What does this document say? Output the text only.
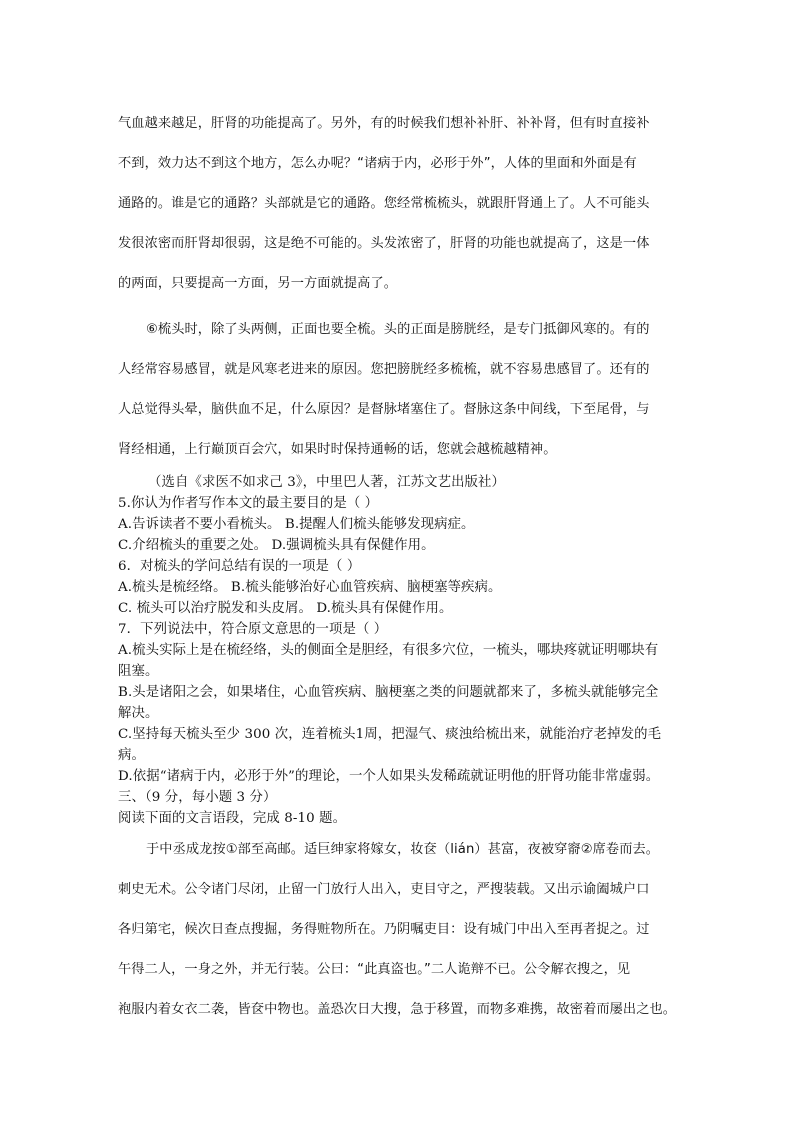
气血越来越足，肝肾的功能提高了。另外，有的时候我们想补补肝、补补肾，但有时直接补
不到，效力达不到这个地方，怎么办呢？“诸病于内，必形于外”，人体的里面和外面是有
通路的。谁是它的通路？头部就是它的通路。您经常梳梳头，就跟肝肾通上了。人不可能头
发很浓密而肝肾却很弱，这是绝不可能的。头发浓密了，肝肾的功能也就提高了，这是一体
的两面，只要提高一方面，另一方面就提高了。
⑥梳头时，除了头两侧，正面也要全梳。头的正面是膀胱经，是专门抵御风寒的。有的
人经常容易感冒，就是风寒老进来的原因。您把膀胱经多梳梳，就不容易患感冒了。还有的
人总觉得头晕，脑供血不足，什么原因？是督脉堵塞住了。督脉这条中间线，下至尾骨，与
肾经相通，上行巅顶百会穴，如果时时保持通畅的话，您就会越梳越精神。
（选自《求医不如求己 3》，中里巴人著，江苏文艺出版社）
5.你认为作者写作本文的最主要目的是（ ）
A.告诉读者不要小看梳头。 B.提醒人们梳头能够发现病症。
C.介绍梳头的重要之处。 D.强调梳头具有保健作用。
6．对梳头的学问总结有误的一项是（ ）
A.梳头是梳经络。 B.梳头能够治好心血管疾病、脑梗塞等疾病。
C. 梳头可以治疗脱发和头皮屑。 D.梳头具有保健作用。
7．下列说法中，符合原文意思的一项是（ ）
A.梳头实际上是在梳经络，头的侧面全是胆经，有很多穴位，一梳头，哪块疼就证明哪块有
阻塞。
B.头是诸阳之会，如果堵住，心血管疾病、脑梗塞之类的问题就都来了，多梳头就能够完全
解决。
C.坚持每天梳头至少 300 次，连着梳头1周，把湿气、痰浊给梳出来，就能治疗老掉发的毛
病。
D.依据“诸病于内，必形于外”的理论，一个人如果头发稀疏就证明他的肝肾功能非常虚弱。
三、（9 分，每小题 3 分）
阅读下面的文言语段，完成 8-10 题。
于中丞成龙按①部至高邮。适巨绅家将嫁女，妆奁（lián）甚富，夜被穿窬②席卷而去。
刺史无术。公令诸门尽闭，止留一门放行人出入，吏目守之，严搜装载。又出示谕阖城户口
各归第宅，候次日查点搜掘，务得赃物所在。乃阴嘱吏目：设有城门中出入至再者捉之。过
午得二人，一身之外，并无行装。公曰：“此真盗也。”二人诡辩不已。公令解衣搜之，见
袍服内着女衣二袭，皆奁中物也。盖恐次日大搜，急于移置，而物多难携，故密着而屡出之也。
